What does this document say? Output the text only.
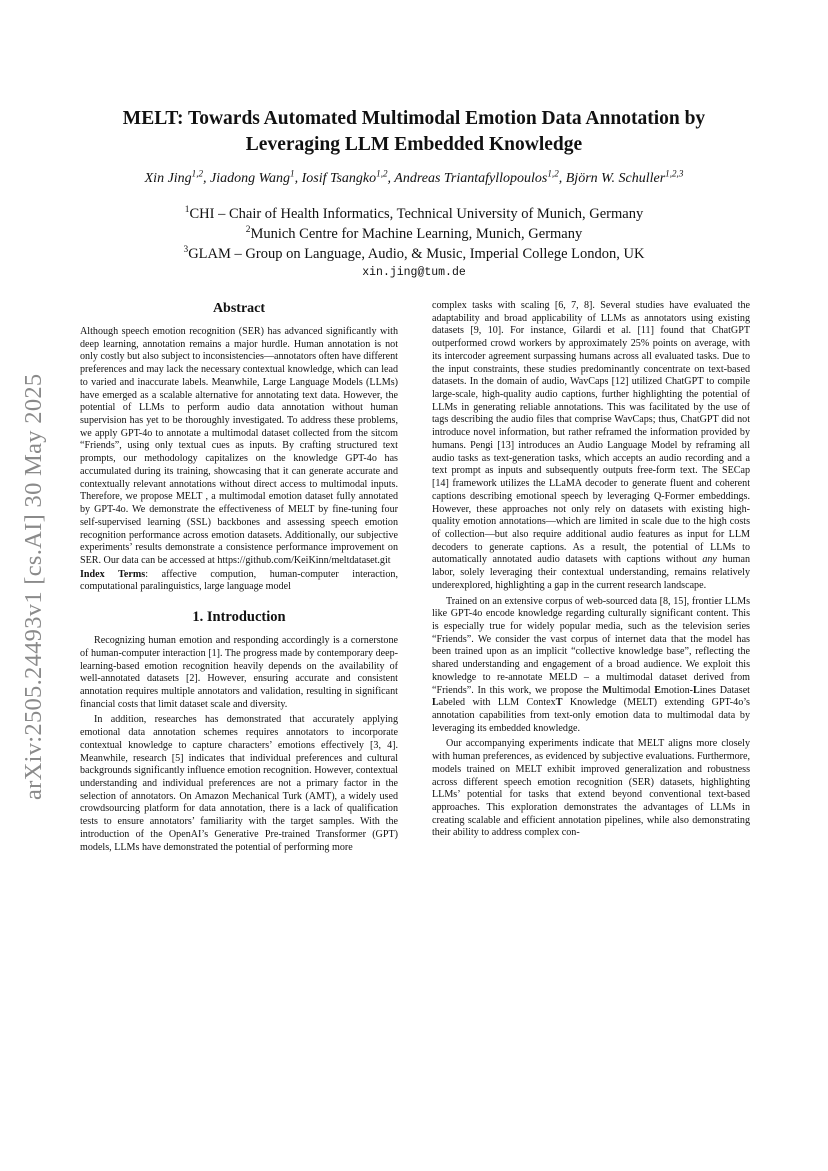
arXiv:2505.24493v1 [cs.AI] 30 May 2025
MELT: Towards Automated Multimodal Emotion Data Annotation by Leveraging LLM Embedded Knowledge
Xin Jing$^{1,2}$, Jiadong Wang$^1$, Iosif Tsangko$^{1,2}$, Andreas Triantafyllopoulos$^{1,2}$, Björn W. Schuller$^{1,2,3}$
$^1$CHI – Chair of Health Informatics, Technical University of Munich, Germany
$^2$Munich Centre for Machine Learning, Munich, Germany
$^3$GLAM – Group on Language, Audio, & Music, Imperial College London, UK
xin.jing@tum.de
Abstract

Although speech emotion recognition (SER) has advanced significantly with deep learning, annotation remains a major hurdle. Human annotation is not only costly but also subject to inconsistencies—annotators often have different preferences and may lack the necessary contextual knowledge, which can lead to varied and inaccurate labels. Meanwhile, Large Language Models (LLMs) have emerged as a scalable alternative for annotating text data. However, the potential of LLMs to perform audio data annotation without human supervision has yet to be thoroughly investigated. To address these problems, we apply GPT-4o to annotate a multimodal dataset collected from the sitcom “Friends”, using only textual cues as inputs. By crafting structured text prompts, our methodology capitalizes on the knowledge GPT-4o has accumulated during its training, showcasing that it can generate accurate and contextually relevant annotations without direct access to multimodal inputs. Therefore, we propose MELT , a multimodal emotion dataset fully annotated by GPT-4o. We demonstrate the effectiveness of MELT by fine-tuning four self-supervised learning (SSL) backbones and assessing speech emotion recognition performance across emotion datasets. Additionally, our subjective experiments’ results demonstrate a consistence performance improvement on SER. Our data can be accessed at https://github.com/KeiKinn/meltdataset.git

Index Terms: affective compution, human-computer interaction, computational paralinguistics, large language model

1. Introduction

Recognizing human emotion and responding accordingly is a cornerstone of human-computer interaction [1]. The progress made by contemporary deep-learning-based emotion recognition heavily depends on the availability of well-annotated datasets [2]. However, ensuring accurate and consistent annotation requires multiple annotators and validation, resulting in significant financial costs that limit dataset scale and diversity.

In addition, researches has demonstrated that accurately applying emotional data annotation schemes requires annotators to incorporate contextual knowledge to capture characters’ emotions effectively [3, 4]. Meanwhile, research [5] indicates that individual preferences and cultural backgrounds significantly influence emotion recognition. However, contextual understanding and individual preferences are not a primary factor in the selection of annotators. On Amazon Mechanical Turk (AMT), a widely used crowdsourcing platform for data annotation, there is a lack of qualification tests to ensure annotators’ familiarity with the target samples. With the introduction of the OpenAI’s Generative Pre-trained Transformer (GPT) models, LLMs have demonstrated the potential of performing more

complex tasks with scaling [6, 7, 8]. Several studies have evaluated the adaptability and broad applicability of LLMs as annotators using existing datasets [9, 10]. For instance, Gilardi et al. [11] found that ChatGPT outperformed crowd workers by approximately 25% points on average, with its intercoder agreement surpassing humans across all evaluated tasks. Due to the input constraints, these studies predominantly concentrate on text-based datasets. In the domain of audio, WavCaps [12] utilized ChatGPT to compile large-scale, high-quality audio captions, further highlighting the potential of LLMs in generating reliable annotations. This was facilitated by the use of tags describing the audio files that comprise WavCaps; thus, ChatGPT did not introduce novel information, but rather reframed the information provided by humans. Pengi [13] introduces an Audio Language Model by reframing all audio tasks as text-generation tasks, which accepts an audio recording and a text prompt as inputs and subsequently outputs free-form text. The SECap [14] framework utilizes the LLaMA decoder to generate fluent and coherent captions describing emotional speech by leveraging Q-Former embeddings. However, these approaches not only rely on datasets with existing high-quality emotion annotations—which are limited in scale due to the high costs of collection—but also require additional audio features as input for LLM decoders to generate captions. As a result, the potential of LLMs to automatically annotated audio datasets with captions without any human labor, solely leveraging their contextual understanding, remains relatively underexplored, highlighting a gap in the current research landscape.

Trained on an extensive corpus of web-sourced data [8, 15], frontier LLMs like GPT-4o encode knowledge regarding culturally significant content. This is especially true for widely popular media, such as the television series “Friends”. We consider the vast corpus of internet data that the model has been trained upon as an implicit “collective knowledge base”, reflecting the shared understanding and engagement of a broad audience. We exploit this knowledge to re-annotate MELD – a multimodal dataset derived from “Friends”. In this work, we propose the Multimodal Emotion-Lines Dataset Labeled with LLM ContexT Knowledge (MELT) extending GPT-4o’s annotation capabilities from text-only emotion data to multimodal data by leveraging its embedded knowledge.

Our accompanying experiments indicate that MELT aligns more closely with human preferences, as evidenced by subjective evaluations. Furthermore, models trained on MELT exhibit improved generalization and robustness across different speech emotion recognition (SER) datasets, highlighting LLMs’ potential for tasks that extend beyond conventional text-based approaches. This exploration demonstrates the advantages of LLMs in creating scalable and efficient annotation pipelines, while also demonstrating their ability to address complex con-
